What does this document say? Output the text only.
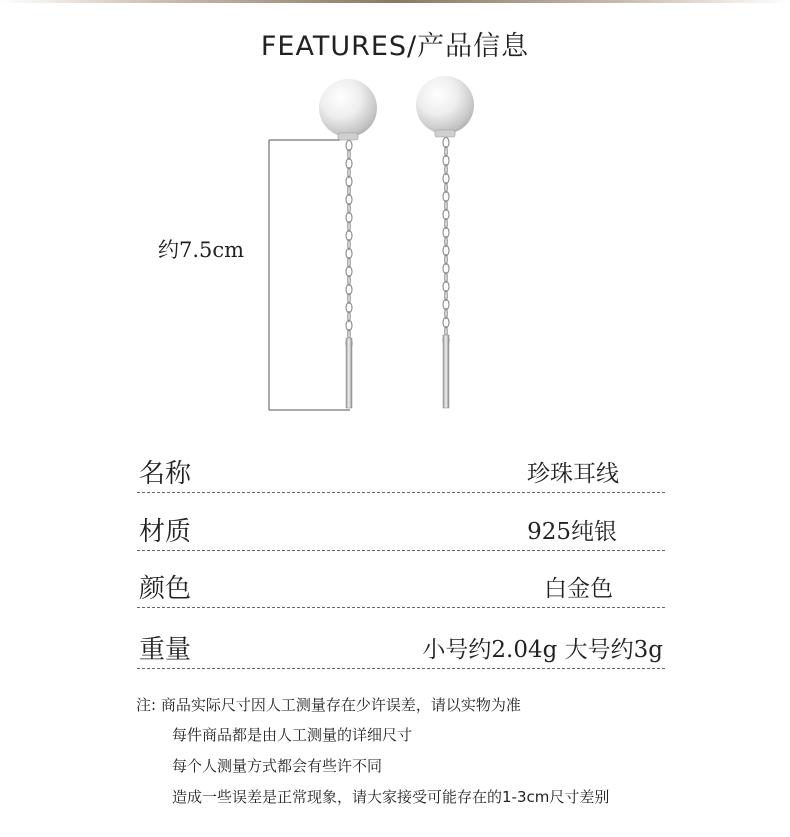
FEATURES/产品信息
约7.5cm
名称	珍珠耳线
材质	925纯银
颜色	白金色
重量	小号约2.04g 大号约3g
注: 商品实际尺寸因人工测量存在少许误差，请以实物为准
每件商品都是由人工测量的详细尺寸
每个人测量方式都会有些许不同
造成一些误差是正常现象，请大家接受可能存在的1-3cm尺寸差别
